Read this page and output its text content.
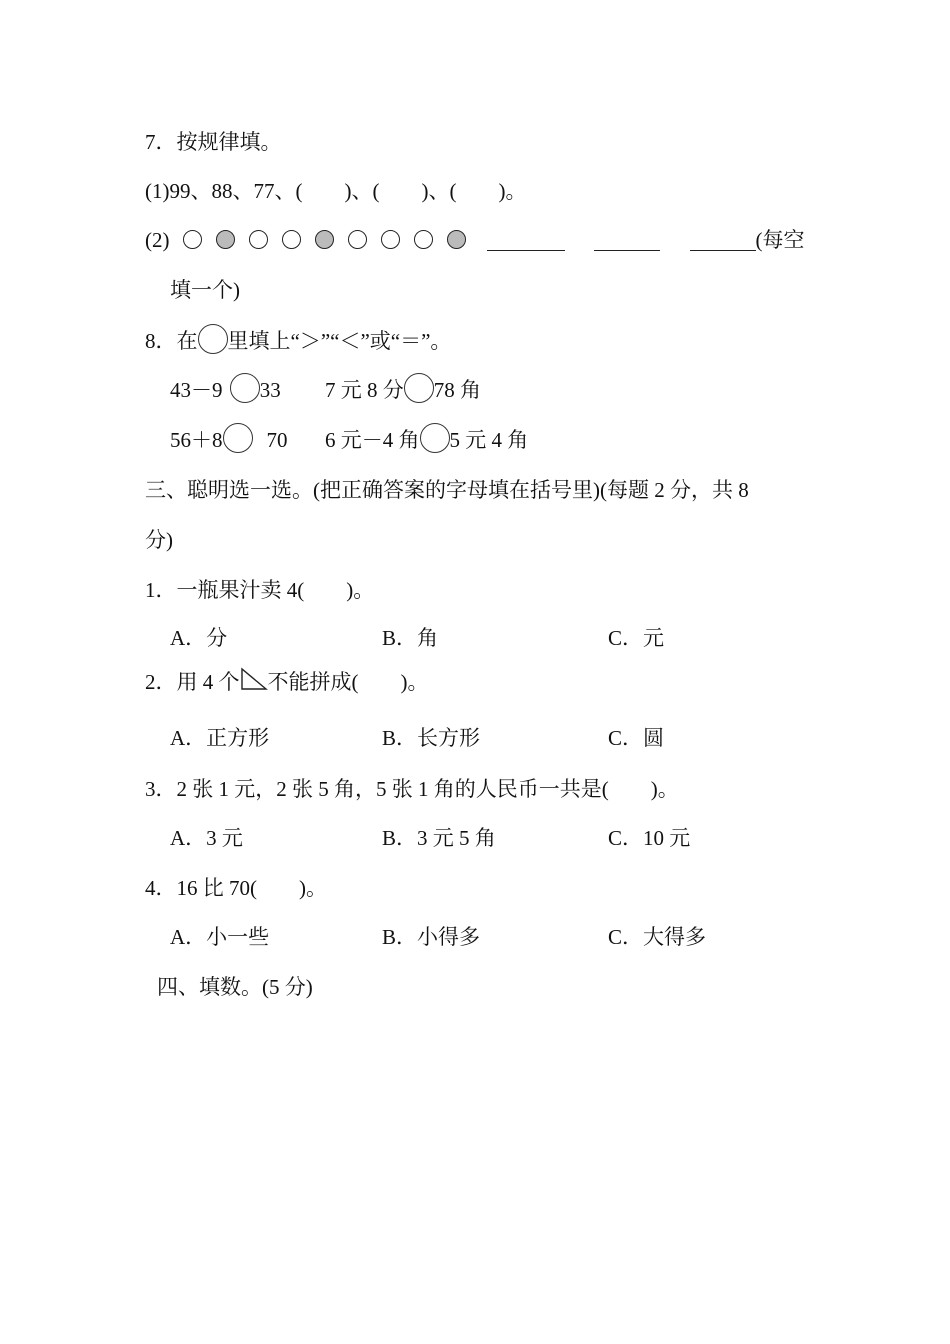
7．按规律填。
(1)99、88、77、(　　)、(　　)、(　　)。
(2)	(每空
填一个)
8．在 里填上“＞”“＜”或“＝”。
43－9 33 7 元 8 分 78 角
56＋8 70 6 元－4 角 5 元 4 角
三、聪明选一选。(把正确答案的字母填在括号里)(每题 2 分，共 8
分)
1．一瓶果汁卖 4(　　)。
A．分	B．角	C．元
2．用 4 个 不能拼成(　　)。
A．正方形	B．长方形	C．圆
3．2 张 1 元，2 张 5 角，5 张 1 角的人民币一共是(　　)。
A．3 元	B．3 元 5 角	C．10 元
4．16 比 70(　　)。
A．小一些	B．小得多	C．大得多
四、填数。(5 分)
